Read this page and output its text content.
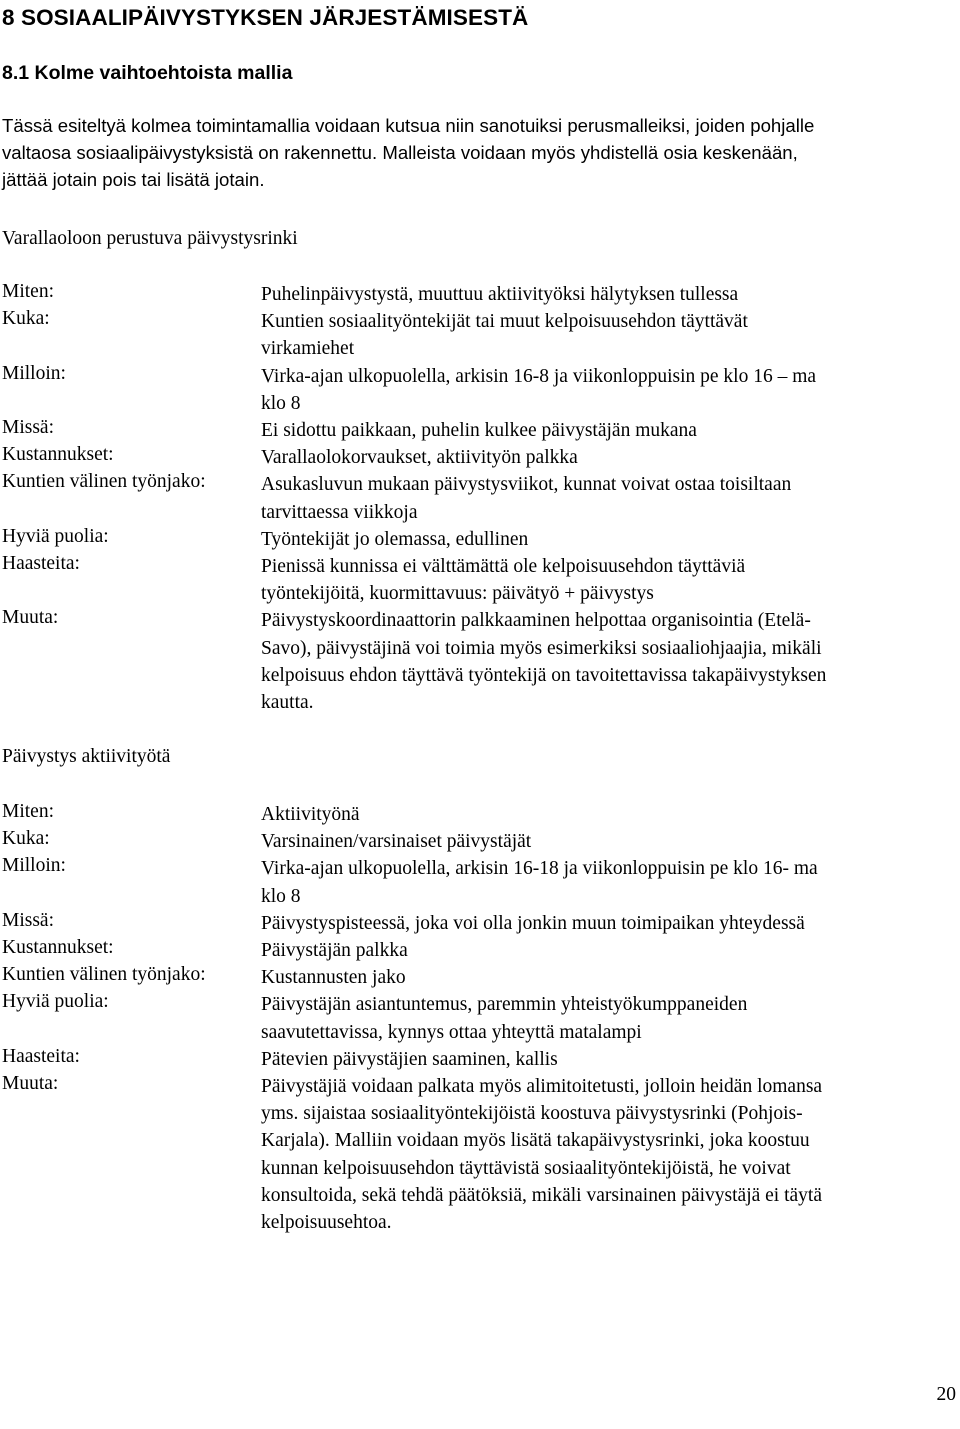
8 SOSIAALIPÄIVYSTYKSEN JÄRJESTÄMISESTÄ
8.1 Kolme vaihtoehtoista mallia
Tässä esiteltyä kolmea toimintamallia voidaan kutsua niin sanotuiksi perusmalleiksi, joiden pohjalle
valtaosa sosiaalipäivystyksistä on rakennettu. Malleista voidaan myös yhdistellä osia keskenään,
jättää jotain pois tai lisätä jotain.
Varallaoloon perustuva päivystysrinki
Miten:	Puhelinpäivystystä, muuttuu aktiivityöksi hälytyksen tullessa
Kuka:	Kuntien sosiaalityöntekijät tai muut kelpoisuusehdon täyttävät
virkamiehet
Milloin:	Virka-ajan ulkopuolella, arkisin 16-8 ja viikonloppuisin pe klo 16 – ma
klo 8
Missä:	Ei sidottu paikkaan, puhelin kulkee päivystäjän mukana
Kustannukset:	Varallaolokorvaukset, aktiivityön palkka
Kuntien välinen työnjako:	Asukasluvun mukaan päivystysviikot, kunnat voivat ostaa toisiltaan
tarvittaessa viikkoja
Hyviä puolia:	Työntekijät jo olemassa, edullinen
Haasteita:	Pienissä kunnissa ei välttämättä ole kelpoisuusehdon täyttäviä
työntekijöitä, kuormittavuus: päivätyö + päivystys
Muuta:	Päivystyskoordinaattorin palkkaaminen helpottaa organisointia (Etelä-
Savo), päivystäjinä voi toimia myös esimerkiksi sosiaaliohjaajia, mikäli
kelpoisuus ehdon täyttävä työntekijä on tavoitettavissa takapäivystyksen
kautta.
Päivystys aktiivityötä
Miten:	Aktiivityönä
Kuka:	Varsinainen/varsinaiset päivystäjät
Milloin:	Virka-ajan ulkopuolella, arkisin 16-18 ja viikonloppuisin pe klo 16- ma
klo 8
Missä:	Päivystyspisteessä, joka voi olla jonkin muun toimipaikan yhteydessä
Kustannukset:	Päivystäjän palkka
Kuntien välinen työnjako:	Kustannusten jako
Hyviä puolia:	Päivystäjän asiantuntemus, paremmin yhteistyökumppaneiden
saavutettavissa, kynnys ottaa yhteyttä matalampi
Haasteita:	Pätevien päivystäjien saaminen, kallis
Muuta:	Päivystäjiä voidaan palkata myös alimitoitetusti, jolloin heidän lomansa
yms. sijaistaa sosiaalityöntekijöistä koostuva päivystysrinki (Pohjois-
Karjala). Malliin voidaan myös lisätä takapäivystysrinki, joka koostuu
kunnan kelpoisuusehdon täyttävistä sosiaalityöntekijöistä, he voivat
konsultoida, sekä tehdä päätöksiä, mikäli varsinainen päivystäjä ei täytä
kelpoisuusehtoa.
20
